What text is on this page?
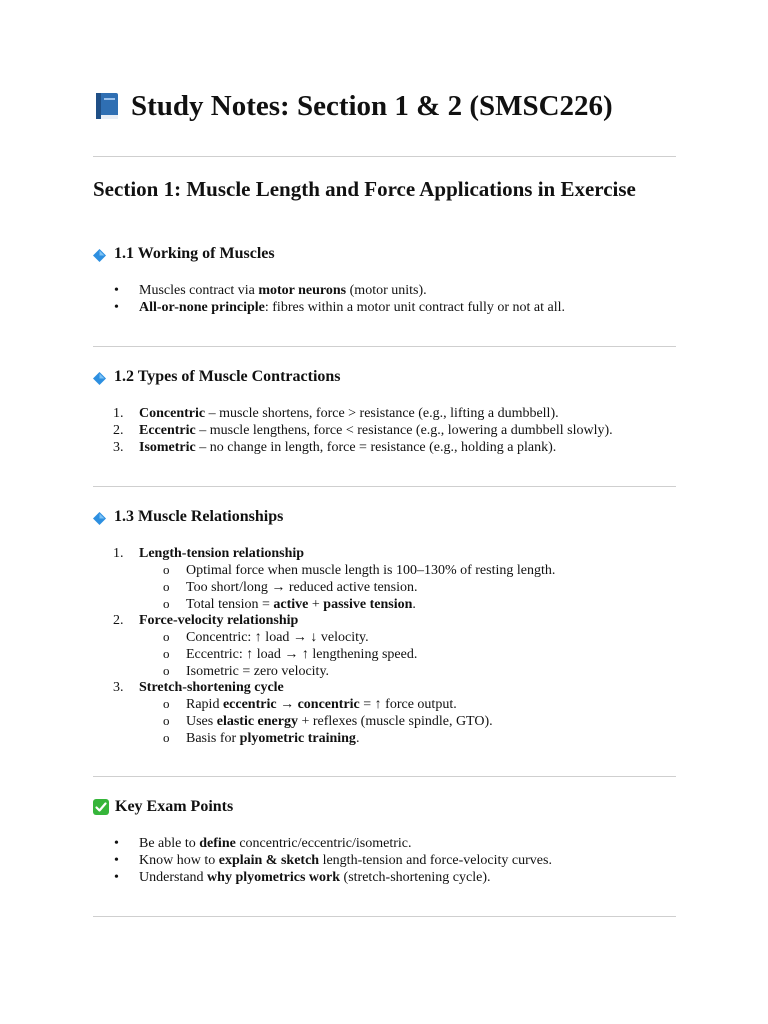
Study Notes: Section 1 & 2 (SMSC226)
Section 1: Muscle Length and Force Applications in Exercise
1.1 Working of Muscles
• Muscles contract via motor neurons (motor units).
• All-or-none principle: fibres within a motor unit contract fully or not at all.
1.2 Types of Muscle Contractions
1. Concentric – muscle shortens, force > resistance (e.g., lifting a dumbbell).
2. Eccentric – muscle lengthens, force < resistance (e.g., lowering a dumbbell slowly).
3. Isometric – no change in length, force = resistance (e.g., holding a plank).
1.3 Muscle Relationships
1. Length-tension relationship
o Optimal force when muscle length is 100–130% of resting length.
o Too short/long → reduced active tension.
o Total tension = active + passive tension.
2. Force-velocity relationship
o Concentric: ↑ load → ↓ velocity.
o Eccentric: ↑ load → ↑ lengthening speed.
o Isometric = zero velocity.
3. Stretch-shortening cycle
o Rapid eccentric → concentric = ↑ force output.
o Uses elastic energy + reflexes (muscle spindle, GTO).
o Basis for plyometric training.
Key Exam Points
• Be able to define concentric/eccentric/isometric.
• Know how to explain & sketch length-tension and force-velocity curves.
• Understand why plyometrics work (stretch-shortening cycle).
